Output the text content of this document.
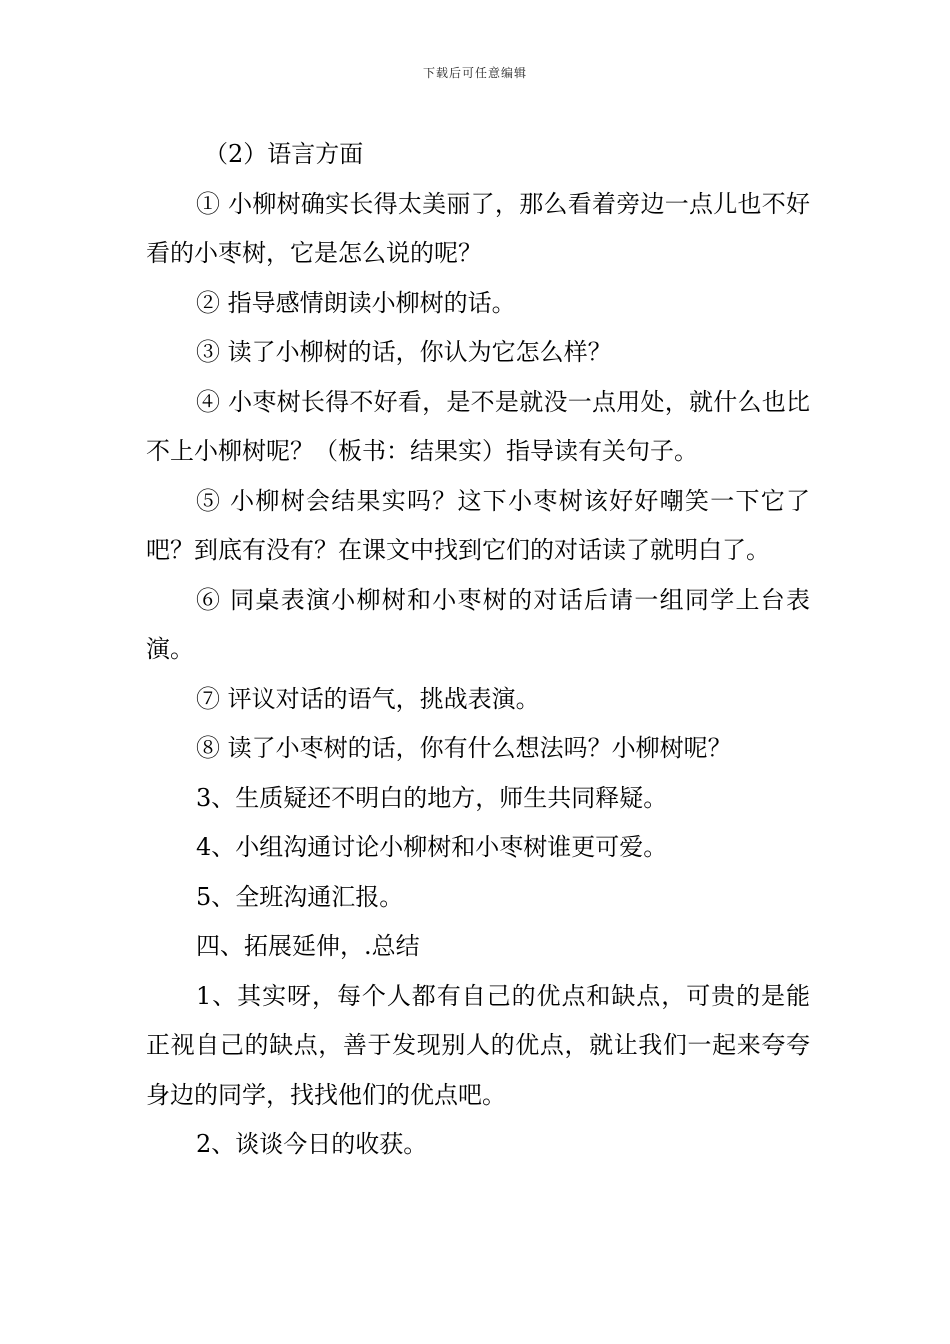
下载后可任意编辑

（2）语言方面

① 小柳树确实长得太美丽了，那么看着旁边一点儿也不好看的小枣树，它是怎么说的呢？

② 指导感情朗读小柳树的话。

③ 读了小柳树的话，你认为它怎么样？

④ 小枣树长得不好看，是不是就没一点用处，就什么也比不上小柳树呢？（板书：结果实）指导读有关句子。

⑤ 小柳树会结果实吗？这下小枣树该好好嘲笑一下它了吧？到底有没有？在课文中找到它们的对话读了就明白了。

⑥ 同桌表演小柳树和小枣树的对话后请一组同学上台表演。

⑦ 评议对话的语气，挑战表演。

⑧ 读了小枣树的话，你有什么想法吗？小柳树呢？

3、生质疑还不明白的地方，师生共同释疑。

4、小组沟通讨论小柳树和小枣树谁更可爱。

5、全班沟通汇报。

四、拓展延伸，.总结

1、其实呀，每个人都有自己的优点和缺点，可贵的是能正视自己的缺点，善于发现别人的优点，就让我们一起来夸夸身边的同学，找找他们的优点吧。

2、谈谈今日的收获。
